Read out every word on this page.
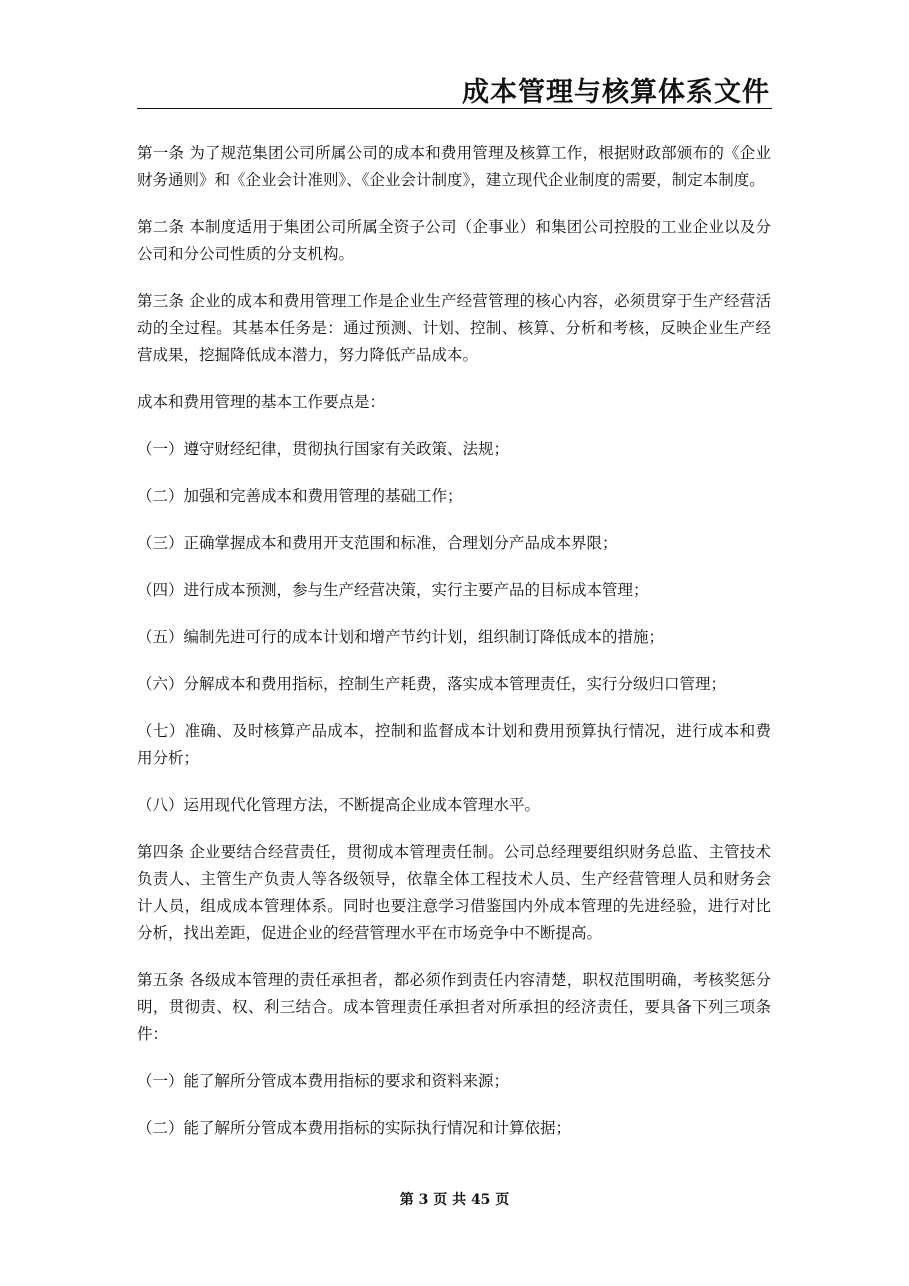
成本管理与核算体系文件

第一条 为了规范集团公司所属公司的成本和费用管理及核算工作，根据财政部颁布的《企业财务通则》和《企业会计准则》、《企业会计制度》，建立现代企业制度的需要，制定本制度。

第二条 本制度适用于集团公司所属全资子公司（企事业）和集团公司控股的工业企业以及分公司和分公司性质的分支机构。

第三条 企业的成本和费用管理工作是企业生产经营管理的核心内容，必须贯穿于生产经营活动的全过程。其基本任务是：通过预测、计划、控制、核算、分析和考核，反映企业生产经营成果，挖掘降低成本潜力，努力降低产品成本。

成本和费用管理的基本工作要点是：

（一）遵守财经纪律，贯彻执行国家有关政策、法规；

（二）加强和完善成本和费用管理的基础工作；

（三）正确掌握成本和费用开支范围和标准，合理划分产品成本界限；

（四）进行成本预测，参与生产经营决策，实行主要产品的目标成本管理；

（五）编制先进可行的成本计划和增产节约计划，组织制订降低成本的措施；

（六）分解成本和费用指标，控制生产耗费，落实成本管理责任，实行分级归口管理；

（七）准确、及时核算产品成本，控制和监督成本计划和费用预算执行情况，进行成本和费用分析；

（八）运用现代化管理方法，不断提高企业成本管理水平。

第四条 企业要结合经营责任，贯彻成本管理责任制。公司总经理要组织财务总监、主管技术负责人、主管生产负责人等各级领导，依靠全体工程技术人员、生产经营管理人员和财务会计人员，组成成本管理体系。同时也要注意学习借鉴国内外成本管理的先进经验，进行对比分析，找出差距，促进企业的经营管理水平在市场竞争中不断提高。

第五条 各级成本管理的责任承担者，都必须作到责任内容清楚，职权范围明确，考核奖惩分明，贯彻责、权、利三结合。成本管理责任承担者对所承担的经济责任，要具备下列三项条件：

（一）能了解所分管成本费用指标的要求和资料来源；

（二）能了解所分管成本费用指标的实际执行情况和计算依据；

第 3 页 共 45 页
